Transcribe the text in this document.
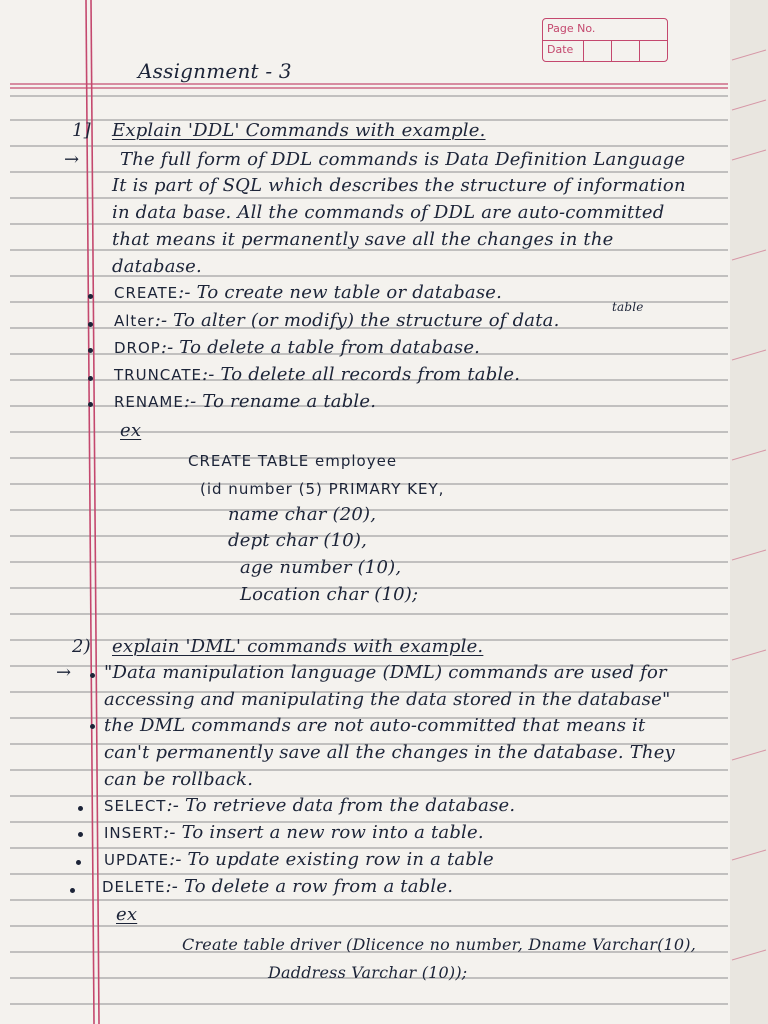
Page No.
Date
Assignment - 3
1] Explain 'DDL' Commands with example.
→ The full form of DDL commands is Data Definition Language
It is part of SQL which describes the structure of information
in data base. All the commands of DDL are auto-committed
that means it permanently save all the changes in the
database.
CREATE:- To create new table or database.
table
Alter:- To alter (or modify) the structure of data.
DROP:- To delete a table from database.
TRUNCATE:- To delete all records from table.
RENAME:- To rename a table.
ex
CREATE TABLE employee
(id number (5) PRIMARY KEY,
name char (20),
dept char (10),
age number (10),
Location char (10);
2) explain 'DML' commands with example.
→ "Data manipulation language (DML) commands are used for
accessing and manipulating the data stored in the database"
the DML commands are not auto-committed that means it
can't permanently save all the changes in the database. They
can be rollback.
SELECT:- To retrieve data from the database.
INSERT:- To insert a new row into a table.
UPDATE:- To update existing row in a table
DELETE:- To delete a row from a table.
ex
Create table driver (Dlicence no number, Dname Varchar(10),
Daddress Varchar (10));
